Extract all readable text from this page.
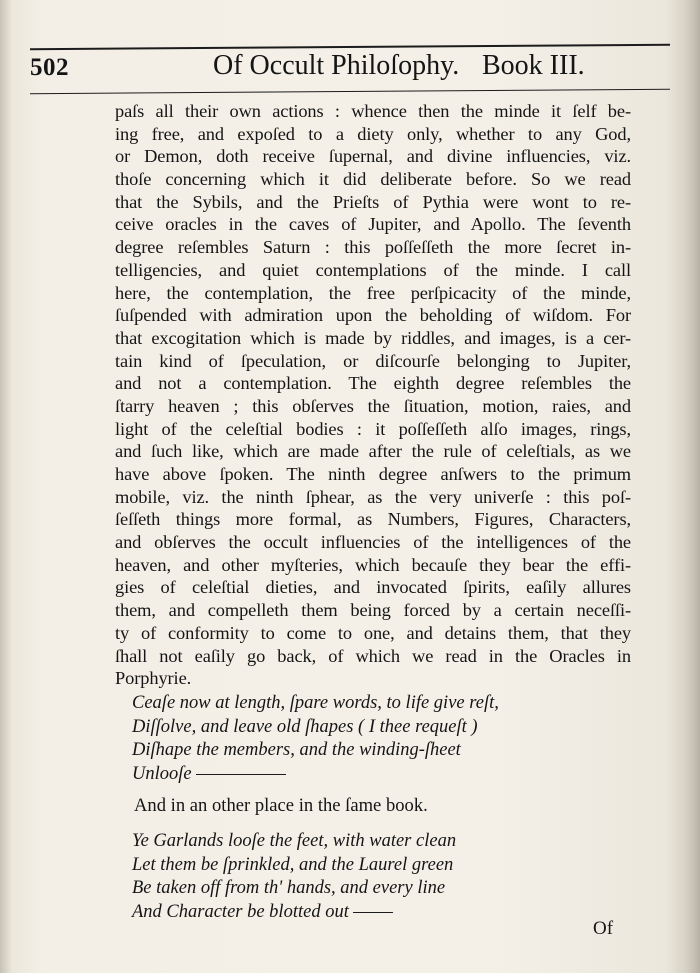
502	Of Occult Philoſophy. Book III.
paſs all their own actions : whence then the minde it ſelf be-
ing free, and expoſed to a diety only, whether to any God,
or Demon, doth receive ſupernal, and divine influencies, viz.
thoſe concerning which it did deliberate before. So we read
that the Sybils, and the Prieſts of Pythia were wont to re-
ceive oracles in the caves of Jupiter, and Apollo. The ſeventh
degree reſembles Saturn : this poſſeſſeth the more ſecret in-
telligencies, and quiet contemplations of the minde. I call
here, the contemplation, the free perſpicacity of the minde,
ſuſpended with admiration upon the beholding of wiſdom. For
that excogitation which is made by riddles, and images, is a cer-
tain kind of ſpeculation, or diſcourſe belonging to Jupiter,
and not a contemplation. The eighth degree reſembles the
ſtarry heaven ; this obſerves the ſituation, motion, raies, and
light of the celeſtial bodies : it poſſeſſeth alſo images, rings,
and ſuch like, which are made after the rule of celeſtials, as we
have above ſpoken. The ninth degree anſwers to the primum
mobile, viz. the ninth ſphear, as the very univerſe : this poſ-
ſeſſeth things more formal, as Numbers, Figures, Characters,
and obſerves the occult influencies of the intelligences of the
heaven, and other myſteries, which becauſe they bear the effi-
gies of celeſtial dieties, and invocated ſpirits, eaſily allures
them, and compelleth them being forced by a certain neceſſi-
ty of conformity to come to one, and detains them, that they
ſhall not eaſily go back, of which we read in the Oracles in
Porphyrie.
Ceaſe now at length, ſpare words, to life give reſt,
Diſſolve, and leave old ſhapes ( I thee requeſt )
Diſhape the members, and the winding-ſheet
Unlooſe
And in an other place in the ſame book.
Ye Garlands looſe the feet, with water clean
Let them be ſprinkled, and the Laurel green
Be taken off from th' hands, and every line
And Character be blotted out
Of
